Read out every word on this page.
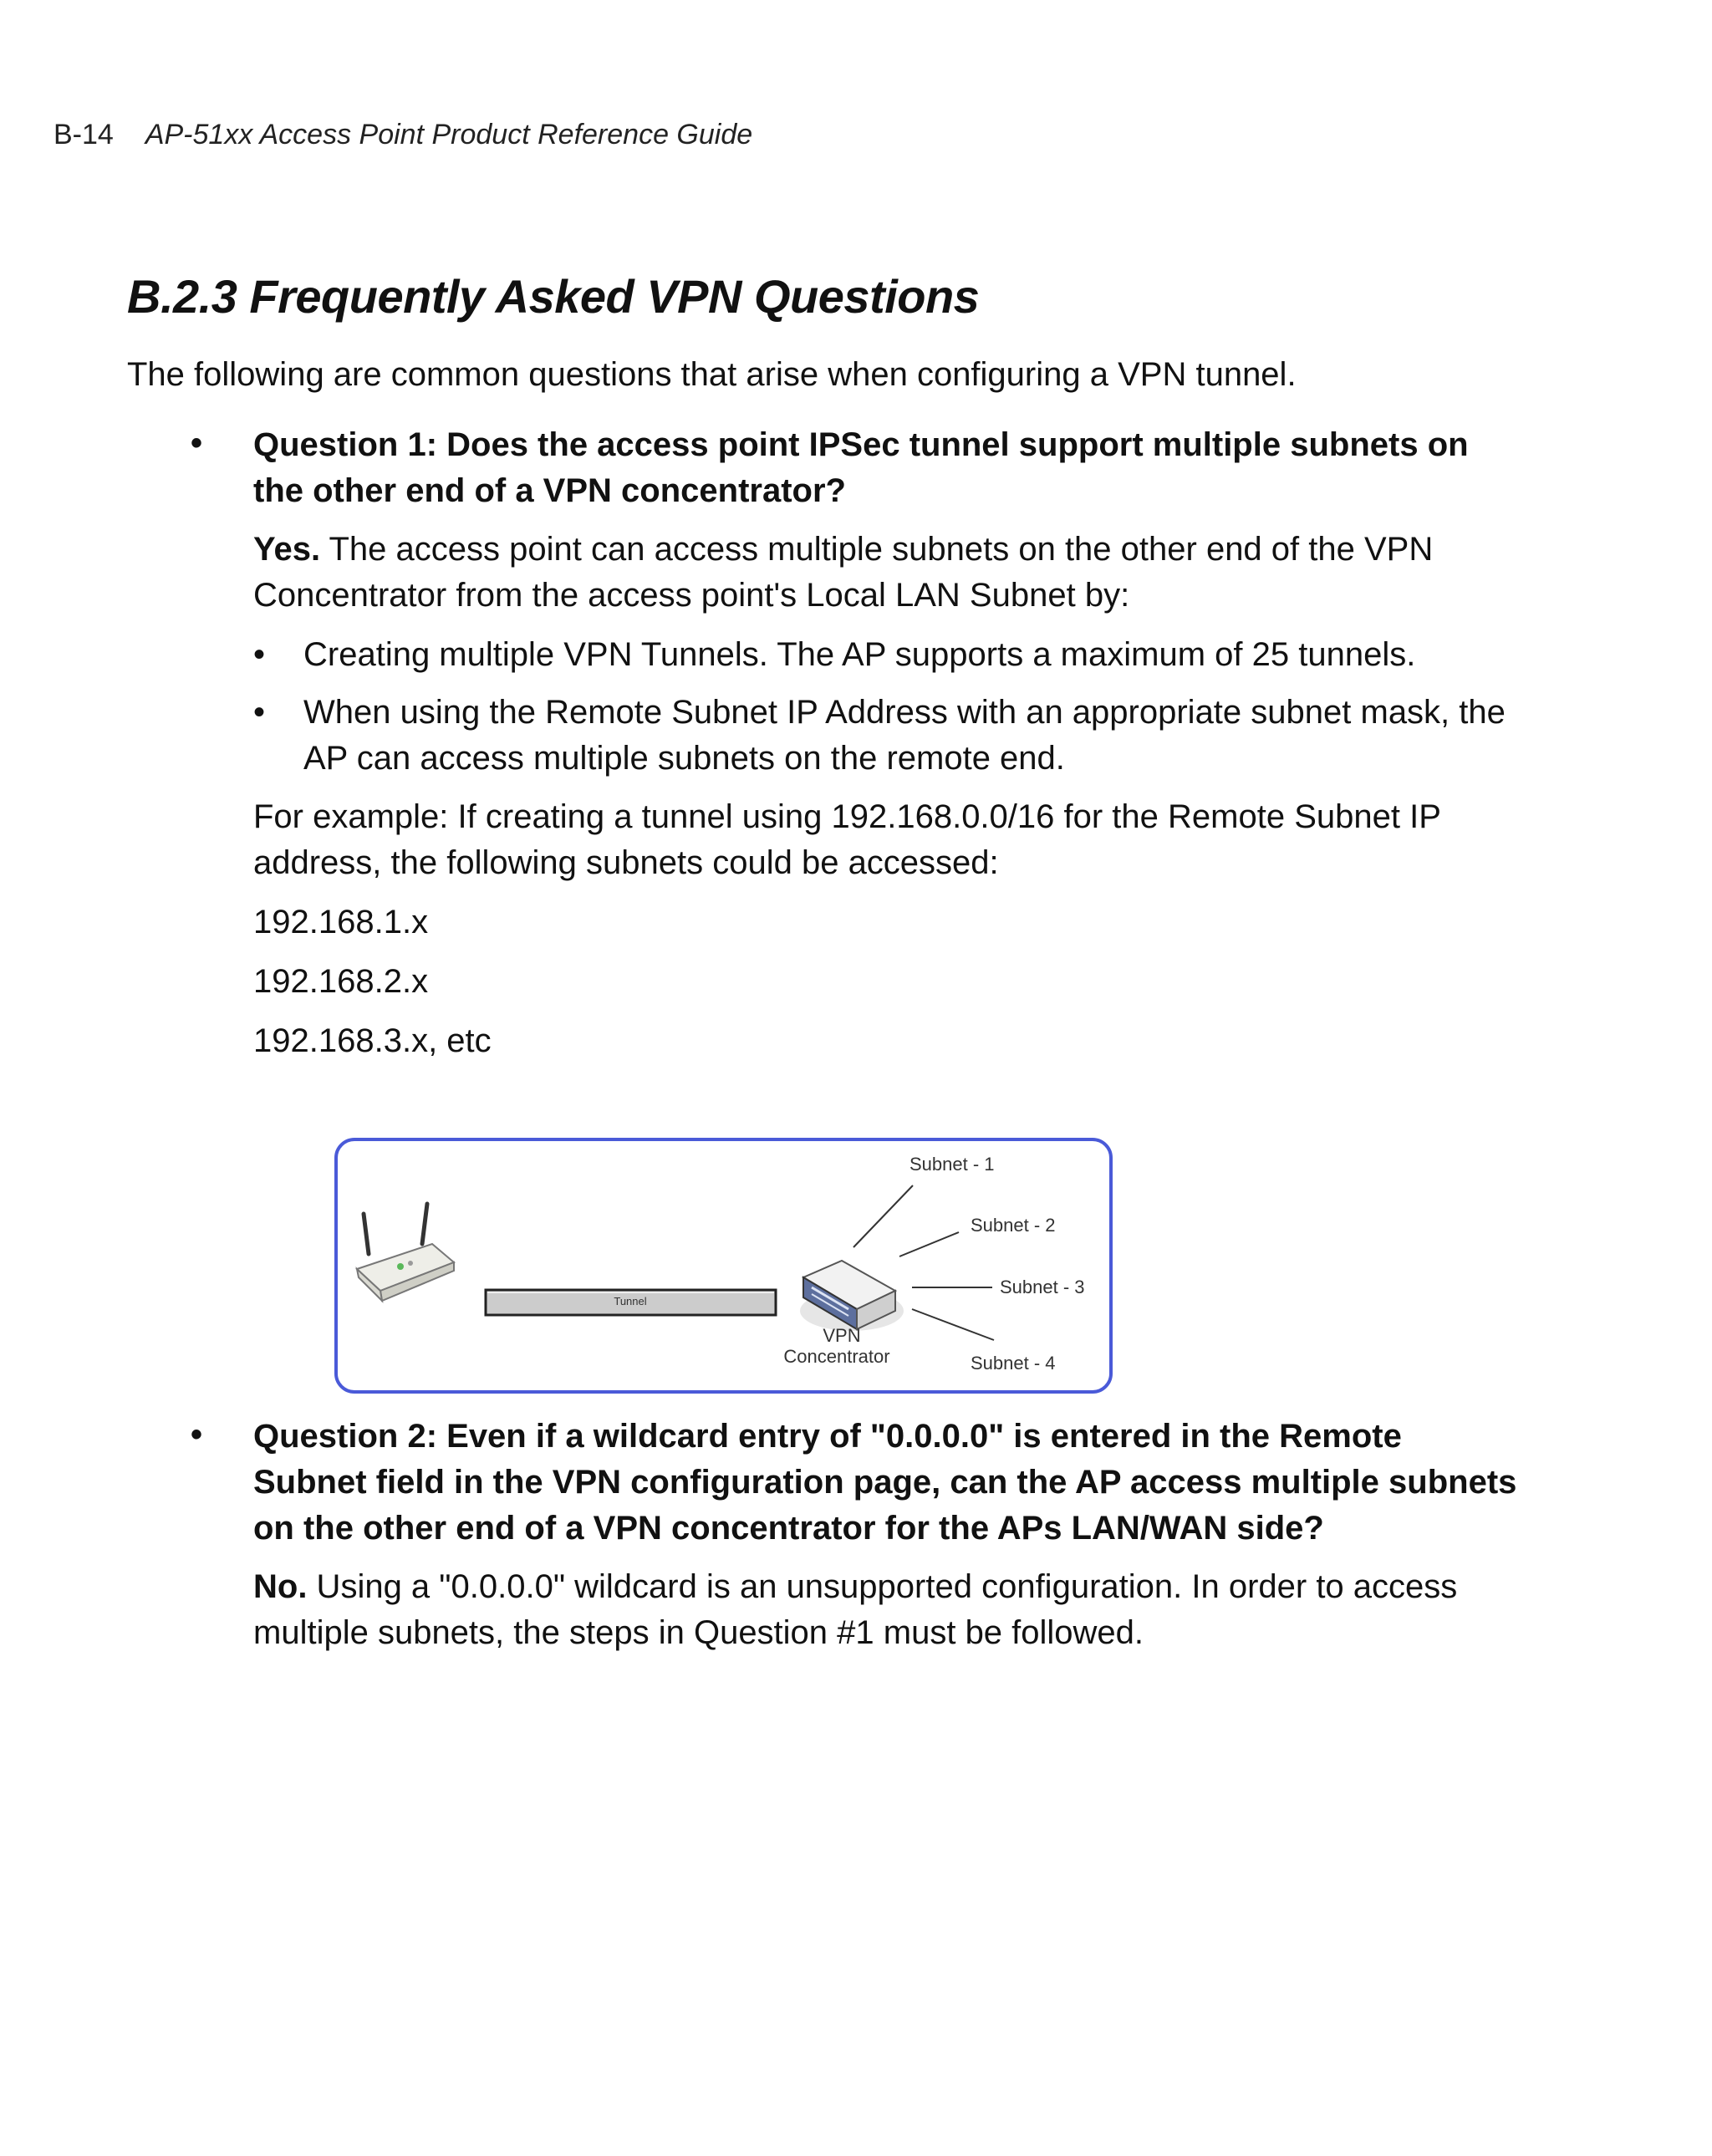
B-14 AP-51xx Access Point Product Reference Guide
B.2.3 Frequently Asked VPN Questions
The following are common questions that arise when configuring a VPN tunnel.
• Question 1: Does the access point IPSec tunnel support multiple subnets on the other end of a VPN concentrator?
Yes. The access point can access multiple subnets on the other end of the VPN Concentrator from the access point's Local LAN Subnet by:
•	Creating multiple VPN Tunnels. The AP supports a maximum of 25 tunnels.
•	When using the Remote Subnet IP Address with an appropriate subnet mask, the AP can access multiple subnets on the remote end.
For example: If creating a tunnel using 192.168.0.0/16 for the Remote Subnet IP address, the following subnets could be accessed:
192.168.1.x
192.168.2.x
192.168.3.x, etc
Tunnel
VPN
Concentrator
Subnet - 1
Subnet - 2
Subnet - 3
Subnet - 4
• Question 2: Even if a wildcard entry of "0.0.0.0" is entered in the Remote Subnet field in the VPN configuration page, can the AP access multiple subnets on the other end of a VPN concentrator for the APs LAN/WAN side?
No. Using a "0.0.0.0" wildcard is an unsupported configuration. In order to access multiple subnets, the steps in Question #1 must be followed.
